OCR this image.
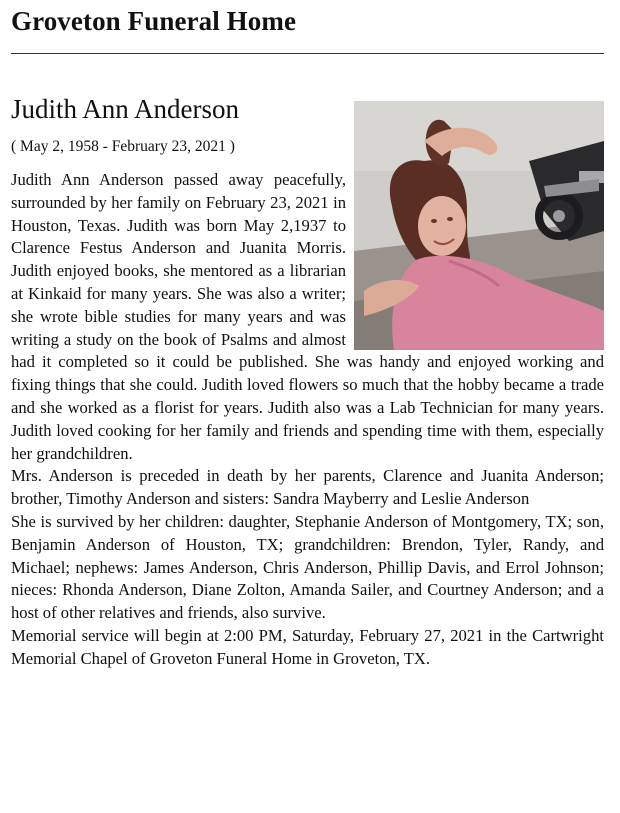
Groveton Funeral Home
Judith Ann Anderson

( May 2, 1958 - February 23, 2021 )

Judith Ann Anderson passed away peacefully, surrounded by her family on February 23, 2021 in Houston, Texas. Judith was born May 2,1937 to Clarence Festus Anderson and Juanita Morris. Judith enjoyed books, she mentored as a librarian at Kinkaid for many years. She was also a writer; she wrote bible studies for many years and was writing a study on the book of Psalms and almost had it completed so it could be published. She was handy and enjoyed working and fixing things that she could. Judith loved flowers so much that the hobby became a trade and she worked as a florist for years. Judith also was a Lab Technician for many years. Judith loved cooking for her family and friends and spending time with them, especially her grandchildren.

Mrs. Anderson is preceded in death by her parents, Clarence and Juanita Anderson; brother, Timothy Anderson and sisters: Sandra Mayberry and Leslie Anderson

She is survived by her children: daughter, Stephanie Anderson of Montgomery, TX; son, Benjamin Anderson of Houston, TX; grandchildren: Brendon, Tyler, Randy, and Michael; nephews: James Anderson, Chris Anderson, Phillip Davis, and Errol Johnson; nieces: Rhonda Anderson, Diane Zolton, Amanda Sailer, and Courtney Anderson; and a host of other relatives and friends, also survive.

Memorial service will begin at 2:00 PM, Saturday, February 27, 2021 in the Cartwright Memorial Chapel of Groveton Funeral Home in Groveton, TX.
